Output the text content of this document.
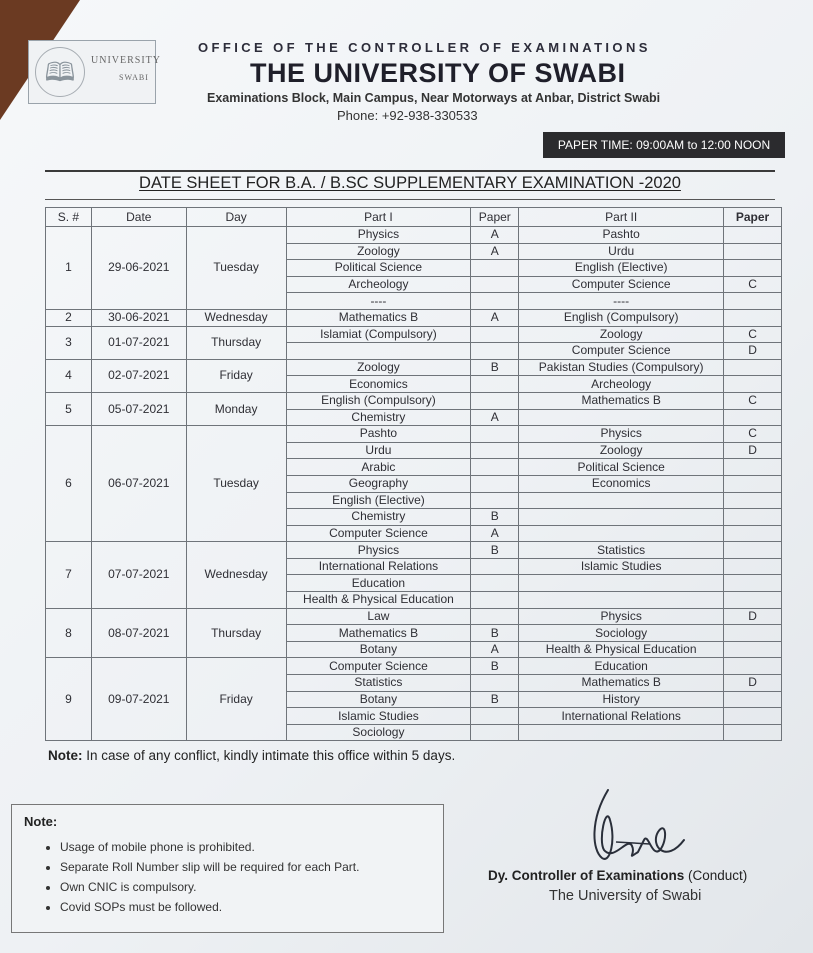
🕮	UNIVERSITY
SWABI
OFFICE OF THE CONTROLLER OF EXAMINATIONS
THE UNIVERSITY OF SWABI
Examinations Block, Main Campus, Near Motorways at Anbar, District Swabi
Phone: +92-938-330533
PAPER TIME: 09:00AM to 12:00 NOON
DATE SHEET FOR B.A. / B.SC SUPPLEMENTARY EXAMINATION -2020
S. #	Date	Day	Part I	Paper	Part II	Paper
1	29-06-2021	Tuesday	Physics	A	Pashto	
			Zoology	A	Urdu	
			Political Science		English (Elective)	
			Archeology		Computer Science	C
			----		----	
2	30-06-2021	Wednesday	Mathematics B	A	English (Compulsory)	
3	01-07-2021	Thursday	Islamiat (Compulsory)		Zoology	C
					Computer Science	D
4	02-07-2021	Friday	Zoology	B	Pakistan Studies (Compulsory)	
			Economics		Archeology	
5	05-07-2021	Monday	English (Compulsory)		Mathematics B	C
			Chemistry	A		
6	06-07-2021	Tuesday	Pashto		Physics	C
			Urdu		Zoology	D
			Arabic		Political Science	
			Geography		Economics	
			English (Elective)			
			Chemistry	B		
			Computer Science	A		
7	07-07-2021	Wednesday	Physics	B	Statistics	
			International Relations		Islamic Studies	
			Education			
			Health & Physical Education			
8	08-07-2021	Thursday	Law		Physics	D
			Mathematics B	B	Sociology	
			Botany	A	Health & Physical Education	
9	09-07-2021	Friday	Computer Science	B	Education	
			Statistics		Mathematics B	D
			Botany	B	History	
			Islamic Studies		International Relations	
			Sociology			
Note: In case of any conflict, kindly intimate this office within 5 days.
Note:
• Usage of mobile phone is prohibited.
• Separate Roll Number slip will be required for each Part.
• Own CNIC is compulsory.
• Covid SOPs must be followed.
Dy. Controller of Examinations (Conduct)
The University of Swabi
